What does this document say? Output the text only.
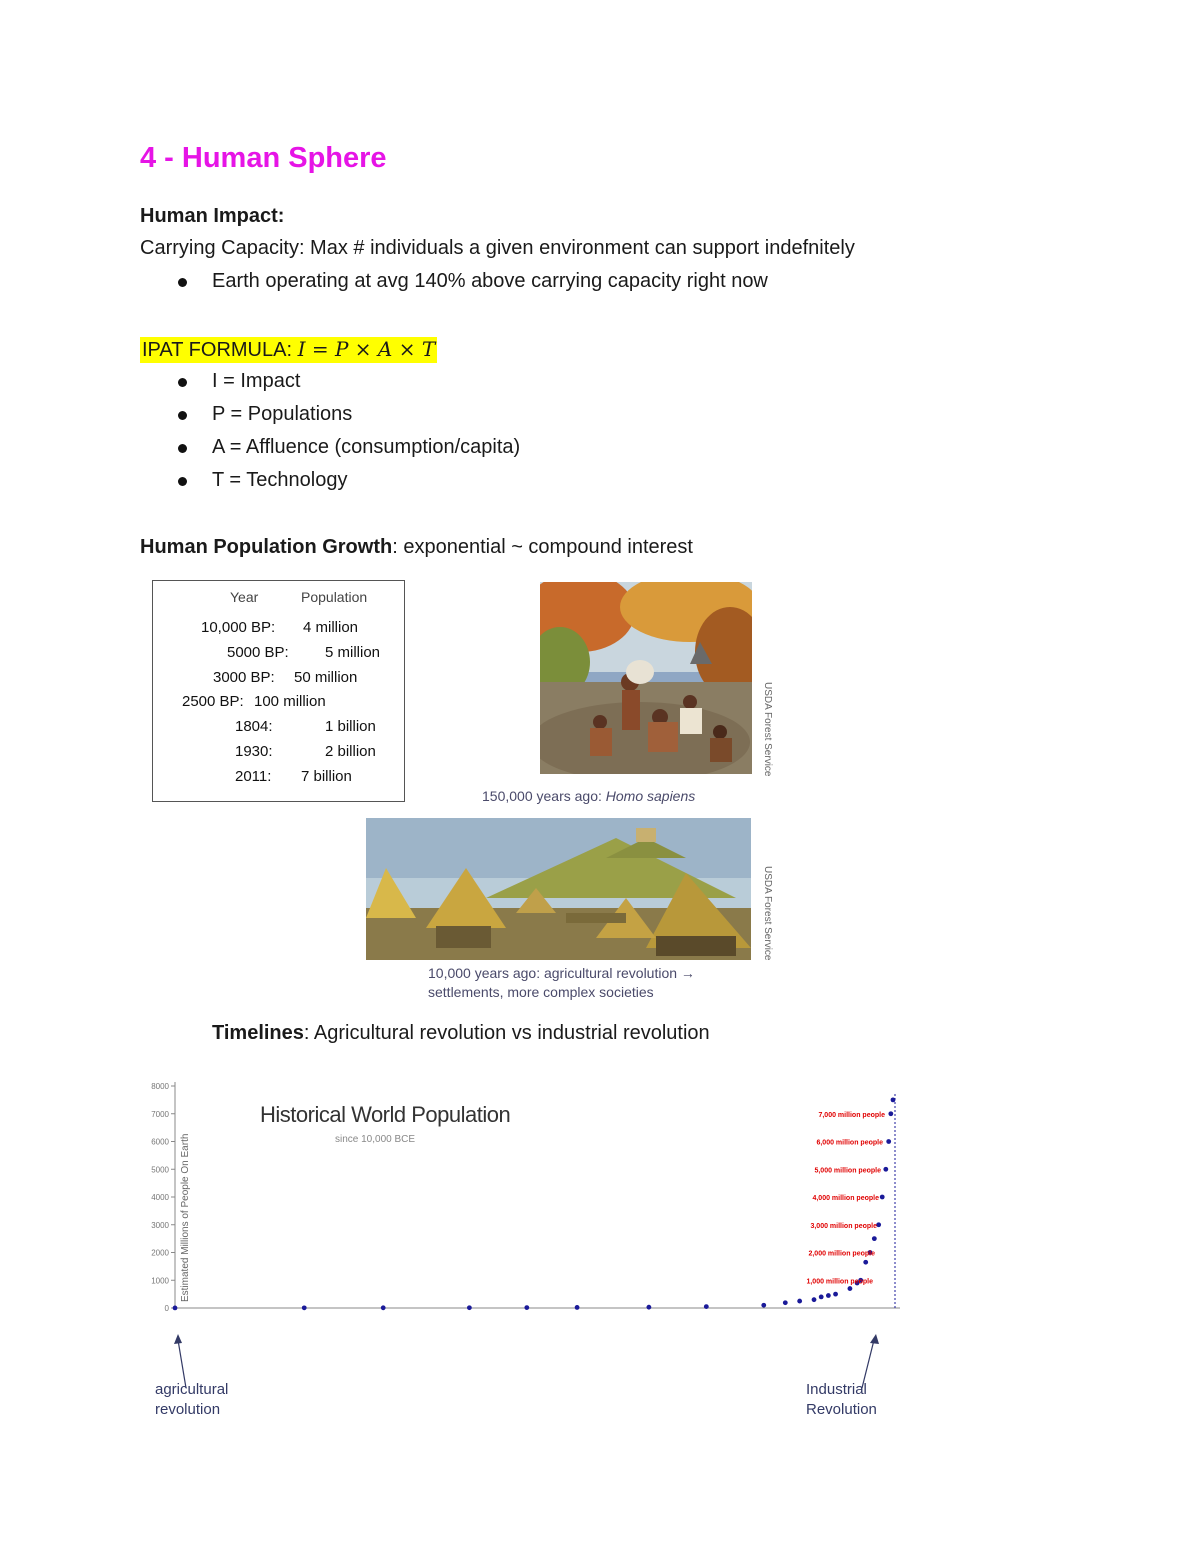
4 - Human Sphere
Human Impact:
Carrying Capacity: Max # individuals a given environment can support indefnitely
Earth operating at avg 140% above carrying capacity right now
IPAT FORMULA: I = P × A × T
I = Impact
P = Populations
A = Affluence (consumption/capita)
T = Technology
Human Population Growth: exponential ~ compound interest
Year	Population
10,000 BP: 4 million
5000 BP: 5 million
3000 BP: 50 million
2500 BP: 100 million
1804:	1 billion
1930:	2 billion
2011: 7 billion
USDA Forest Service
150,000 years ago: Homo sapiens
USDA Forest Service
10,000 years ago: agricultural revolution →
settlements, more complex societies
Timelines: Agricultural revolution vs industrial revolution
8000
7000
6000
5000
4000
3000
2000
1000
0
7,000 million people
6,000 million people
5,000 million people
4,000 million people
3,000 million people
2,000 million people
1,000 million people
Historical World Population
since 10,000 BCE
Estimated Millions of People On Earth
agricultural
revolution
Industrial
Revolution
